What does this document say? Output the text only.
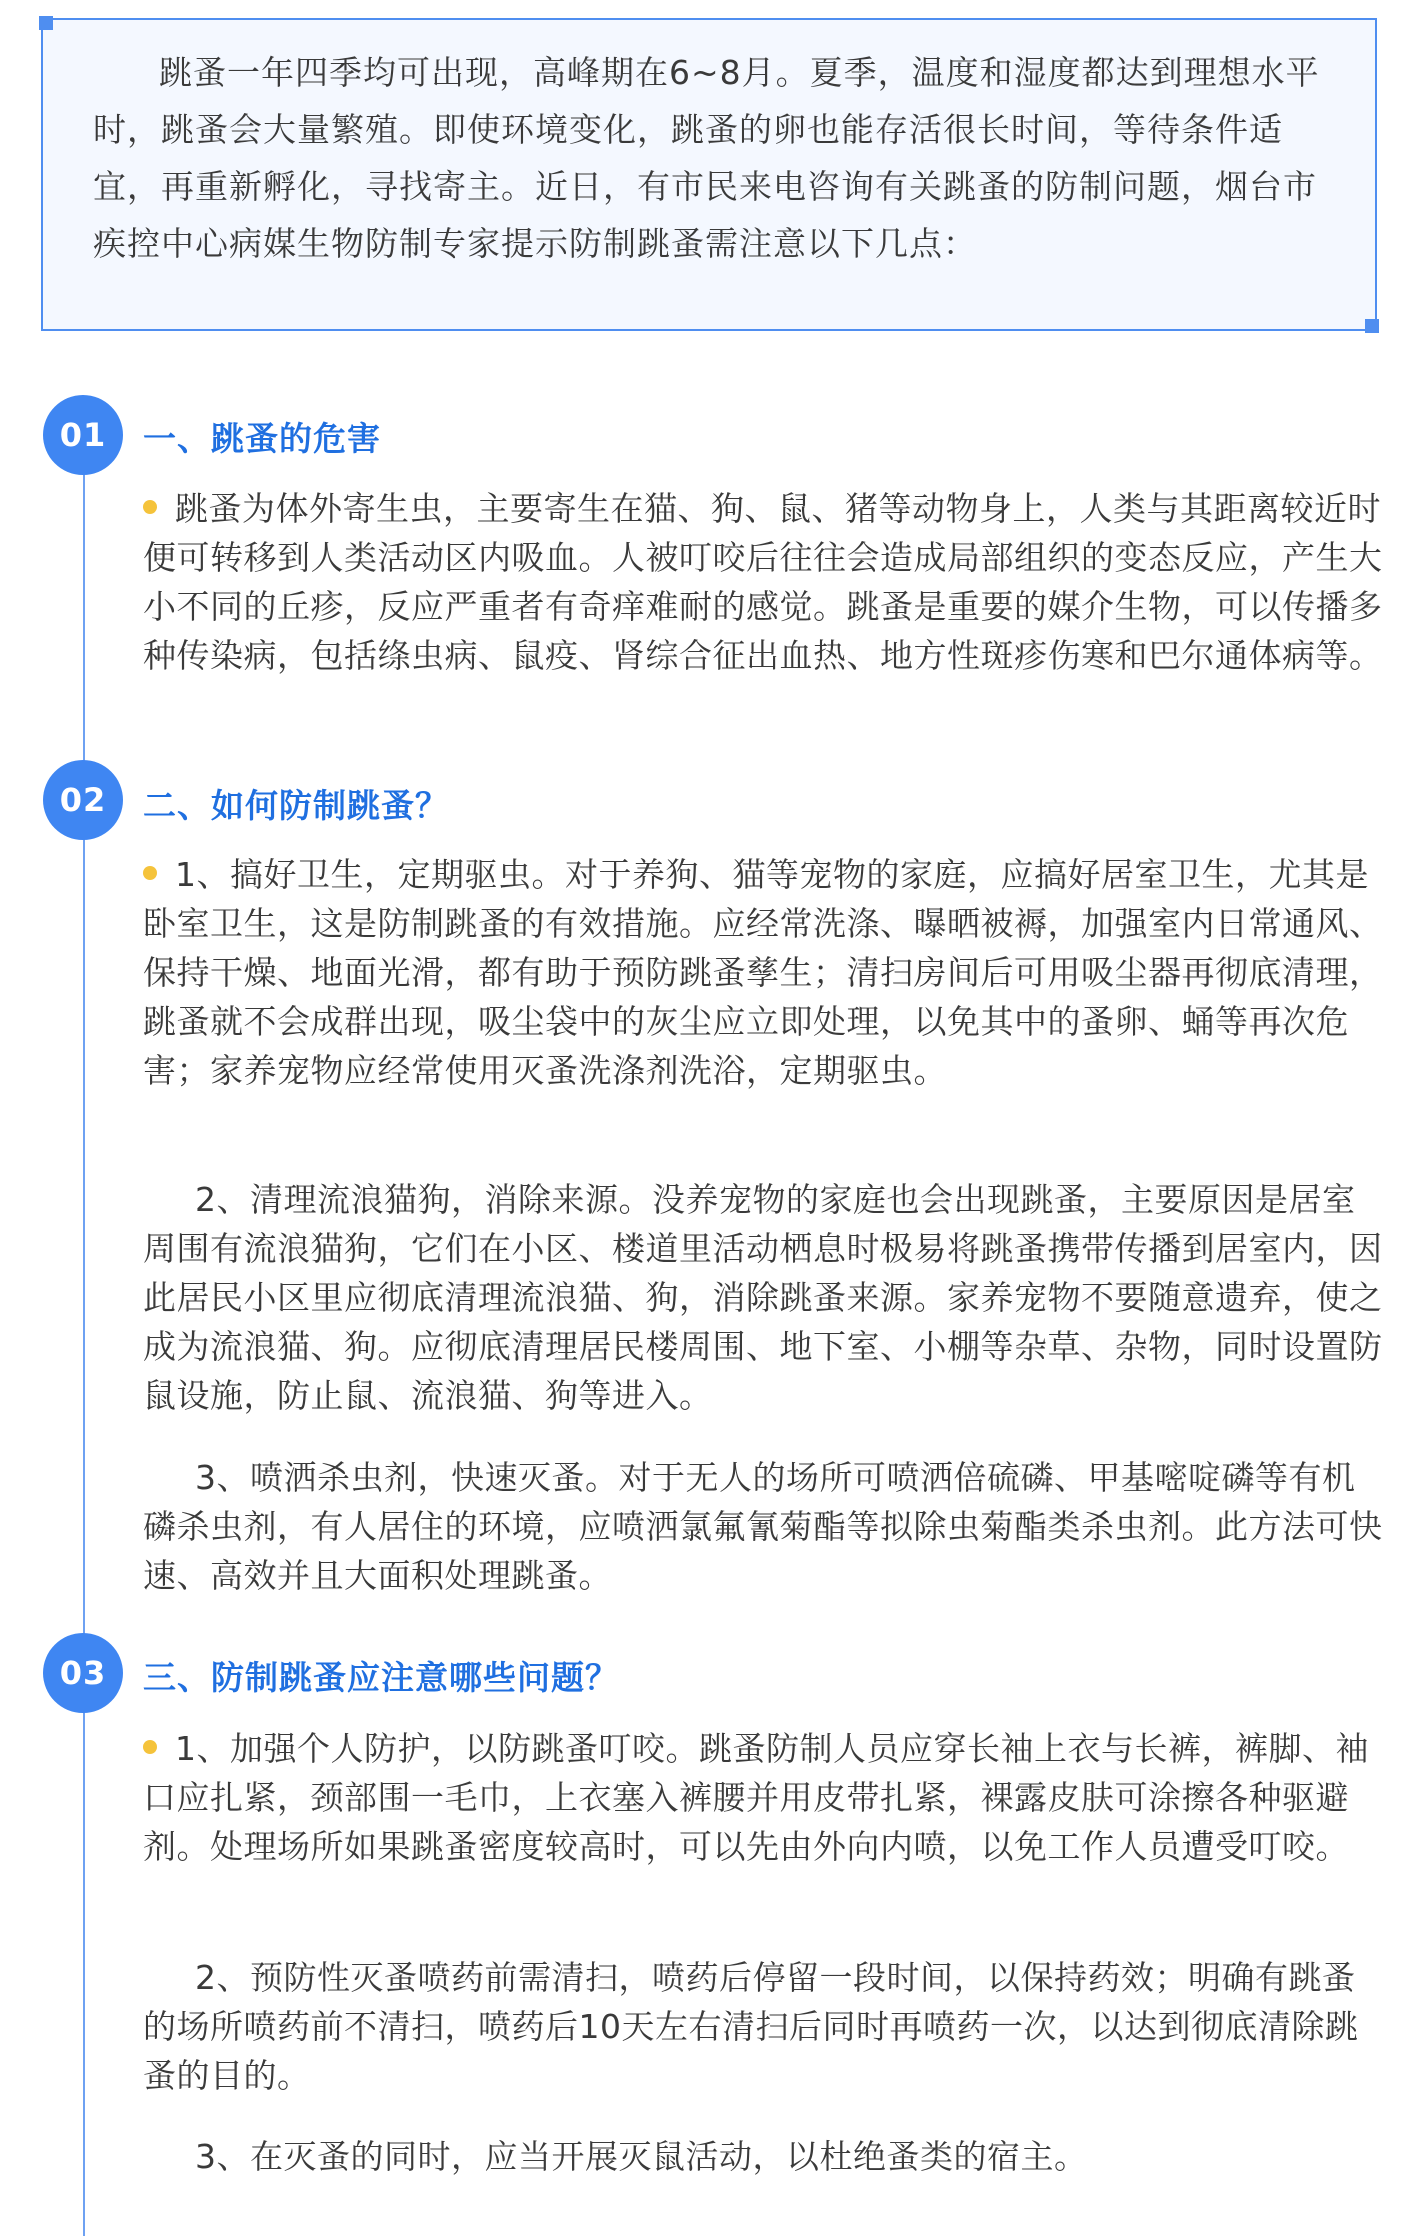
跳蚤一年四季均可出现，高峰期在6~8月。夏季，温度和湿度都达到理想水平时，跳蚤会大量繁殖。即使环境变化，跳蚤的卵也能存活很长时间，等待条件适宜，再重新孵化，寻找寄主。近日，有市民来电咨询有关跳蚤的防制问题，烟台市疾控中心病媒生物防制专家提示防制跳蚤需注意以下几点：

01	一、跳蚤的危害

跳蚤为体外寄生虫，主要寄生在猫、狗、鼠、猪等动物身上，人类与其距离较近时便可转移到人类活动区内吸血。人被叮咬后往往会造成局部组织的变态反应，产生大小不同的丘疹，反应严重者有奇痒难耐的感觉。跳蚤是重要的媒介生物，可以传播多种传染病，包括绦虫病、鼠疫、肾综合征出血热、地方性斑疹伤寒和巴尔通体病等。

02	二、如何防制跳蚤？

1、搞好卫生，定期驱虫。对于养狗、猫等宠物的家庭，应搞好居室卫生，尤其是卧室卫生，这是防制跳蚤的有效措施。应经常洗涤、曝晒被褥，加强室内日常通风、保持干燥、地面光滑，都有助于预防跳蚤孳生；清扫房间后可用吸尘器再彻底清理，跳蚤就不会成群出现，吸尘袋中的灰尘应立即处理，以免其中的蚤卵、蛹等再次危害；家养宠物应经常使用灭蚤洗涤剂洗浴，定期驱虫。

2、清理流浪猫狗，消除来源。没养宠物的家庭也会出现跳蚤，主要原因是居室周围有流浪猫狗，它们在小区、楼道里活动栖息时极易将跳蚤携带传播到居室内，因此居民小区里应彻底清理流浪猫、狗，消除跳蚤来源。家养宠物不要随意遗弃，使之成为流浪猫、狗。应彻底清理居民楼周围、地下室、小棚等杂草、杂物，同时设置防鼠设施，防止鼠、流浪猫、狗等进入。

3、喷洒杀虫剂，快速灭蚤。对于无人的场所可喷洒倍硫磷、甲基嘧啶磷等有机磷杀虫剂，有人居住的环境，应喷洒氯氟氰菊酯等拟除虫菊酯类杀虫剂。此方法可快速、高效并且大面积处理跳蚤。

03	三、防制跳蚤应注意哪些问题？

1、加强个人防护，以防跳蚤叮咬。跳蚤防制人员应穿长袖上衣与长裤，裤脚、袖口应扎紧，颈部围一毛巾，上衣塞入裤腰并用皮带扎紧，裸露皮肤可涂擦各种驱避剂。处理场所如果跳蚤密度较高时，可以先由外向内喷，以免工作人员遭受叮咬。

2、预防性灭蚤喷药前需清扫，喷药后停留一段时间，以保持药效；明确有跳蚤的场所喷药前不清扫，喷药后10天左右清扫后同时再喷药一次，以达到彻底清除跳蚤的目的。

3、在灭蚤的同时，应当开展灭鼠活动，以杜绝蚤类的宿主。
